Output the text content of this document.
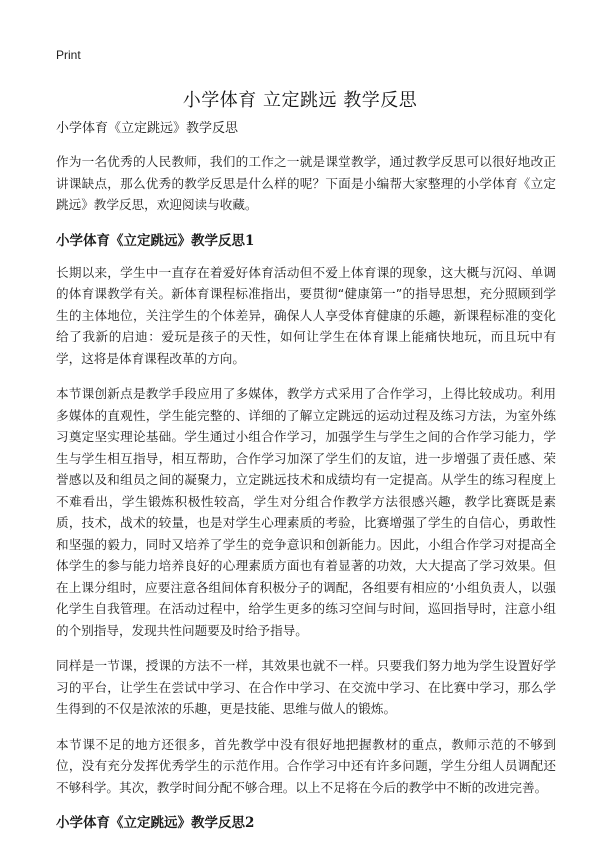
Print
小学体育 立定跳远 教学反思
小学体育《立定跳远》教学反思

作为一名优秀的人民教师，我们的工作之一就是课堂教学，通过教学反思可以很好地改正讲课缺点，那么优秀的教学反思是什么样的呢？下面是小编帮大家整理的小学体育《立定跳远》教学反思，欢迎阅读与收藏。

小学体育《立定跳远》教学反思1

长期以来，学生中一直存在着爱好体育活动但不爱上体育课的现象，这大概与沉闷、单调的体育课教学有关。新体育课程标准指出，要贯彻“健康第一”的指导思想，充分照顾到学生的主体地位，关注学生的个体差异，确保人人享受体育健康的乐趣，新课程标准的变化给了我新的启迪：爱玩是孩子的天性，如何让学生在体育课上能痛快地玩，而且玩中有学，这将是体育课程改革的方向。

本节课创新点是教学手段应用了多媒体，教学方式采用了合作学习，上得比较成功。利用多媒体的直观性，学生能完整的、详细的了解立定跳远的运动过程及练习方法，为室外练习奠定坚实理论基础。学生通过小组合作学习，加强学生与学生之间的合作学习能力，学生与学生相互指导，相互帮助，合作学习加深了学生们的友谊，进一步增强了责任感、荣誉感以及和组员之间的凝聚力，立定跳远技术和成绩均有一定提高。从学生的练习程度上不难看出，学生锻炼积极性较高，学生对分组合作教学方法很感兴趣，教学比赛既是素质，技术，战术的较量，也是对学生心理素质的考验，比赛增强了学生的自信心，勇敢性和坚强的毅力，同时又培养了学生的竞争意识和创新能力。因此，小组合作学习对提高全体学生的参与能力培养良好的心理素质方面也有着显著的功效，大大提高了学习效果。但在上课分组时，应要注意各组间体育积极分子的调配，各组要有相应的‘小组负责人，以强化学生自我管理。在活动过程中，给学生更多的练习空间与时间，巡回指导时，注意小组的个别指导，发现共性问题要及时给予指导。

同样是一节课，授课的方法不一样，其效果也就不一样。只要我们努力地为学生设置好学习的平台，让学生在尝试中学习、在合作中学习、在交流中学习、在比赛中学习，那么学生得到的不仅是浓浓的乐趣，更是技能、思维与做人的锻炼。

本节课不足的地方还很多，首先教学中没有很好地把握教材的重点，教师示范的不够到位，没有充分发挥优秀学生的示范作用。合作学习中还有许多问题，学生分组人员调配还不够科学。其次，教学时间分配不够合理。以上不足将在今后的教学中不断的改进完善。

小学体育《立定跳远》教学反思2
